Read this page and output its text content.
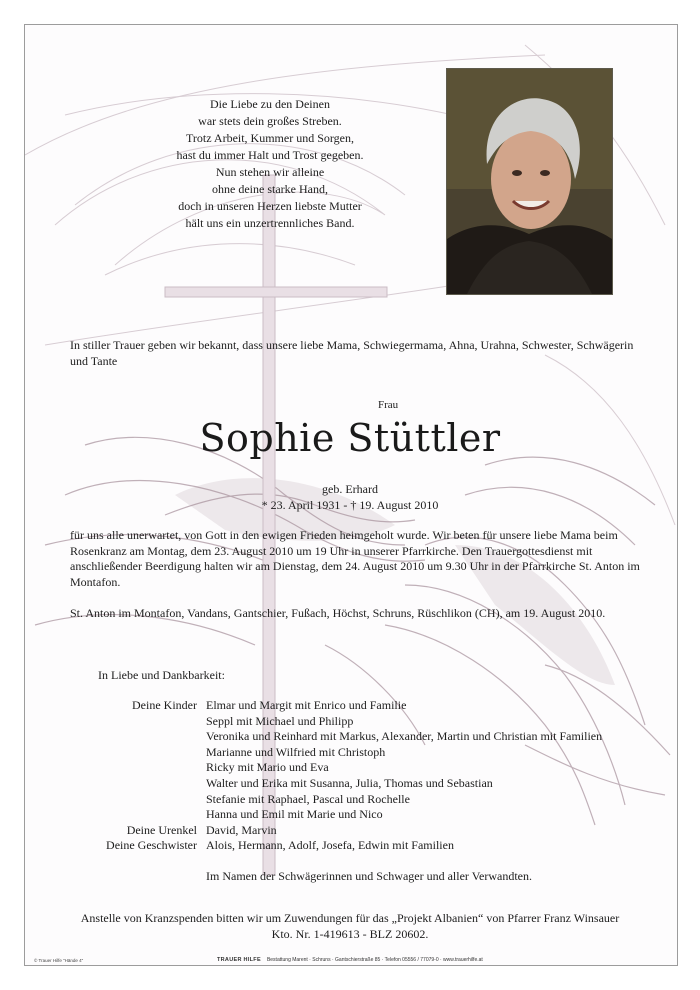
Die Liebe zu den Deinen
war stets dein großes Streben.
Trotz Arbeit, Kummer und Sorgen,
hast du immer Halt und Trost gegeben.
Nun stehen wir alleine
ohne deine starke Hand,
doch in unseren Herzen liebste Mutter
hält uns ein unzertrennliches Band.
In stiller Trauer geben wir bekannt, dass unsere liebe Mama, Schwiegermama, Ahna, Urahna, Schwester, Schwägerin und Tante
Frau
Sophie Stüttler
geb. Erhard
* 23. April 1931 - † 19. August 2010

für uns alle unerwartet, von Gott in den ewigen Frieden heimgeholt wurde. Wir beten für unsere liebe Mama beim Rosenkranz am Montag, dem 23. August 2010 um 19 Uhr in unserer Pfarrkirche. Den Trauergottesdienst mit anschließender Beerdigung halten wir am Dienstag, dem 24. August 2010 um 9.30 Uhr in der Pfarrkirche St. Anton im Montafon.

St. Anton im Montafon, Vandans, Gantschier, Fußach, Höchst, Schruns, Rüschlikon (CH), am 19. August 2010.

In Liebe und Dankbarkeit:
Deine Kinder Elmar und Margit mit Enrico und Familie
Seppl mit Michael und Philipp
Veronika und Reinhard mit Markus, Alexander, Martin und Christian mit Familien
Marianne und Wilfried mit Christoph
Ricky mit Mario und Eva
Walter und Erika mit Susanna, Julia, Thomas und Sebastian
Stefanie mit Raphael, Pascal und Rochelle
Hanna und Emil mit Marie und Nico
Deine Urenkel David, Marvin
Deine Geschwister Alois, Hermann, Adolf, Josefa, Edwin mit Familien
Im Namen der Schwägerinnen und Schwager und aller Verwandten.
Anstelle von Kranzspenden bitten wir um Zuwendungen für das „Projekt Albanien“ von Pfarrer Franz Winsauer
Kto. Nr. 1-419613 - BLZ 20602.
© Trauer Hilfe "Hände 4"	TRAUER HILFE Bestattung Marent · Schruns · Gantschierstraße 85 · Telefon 05556 / 77079-0 · www.trauerhilfe.at
